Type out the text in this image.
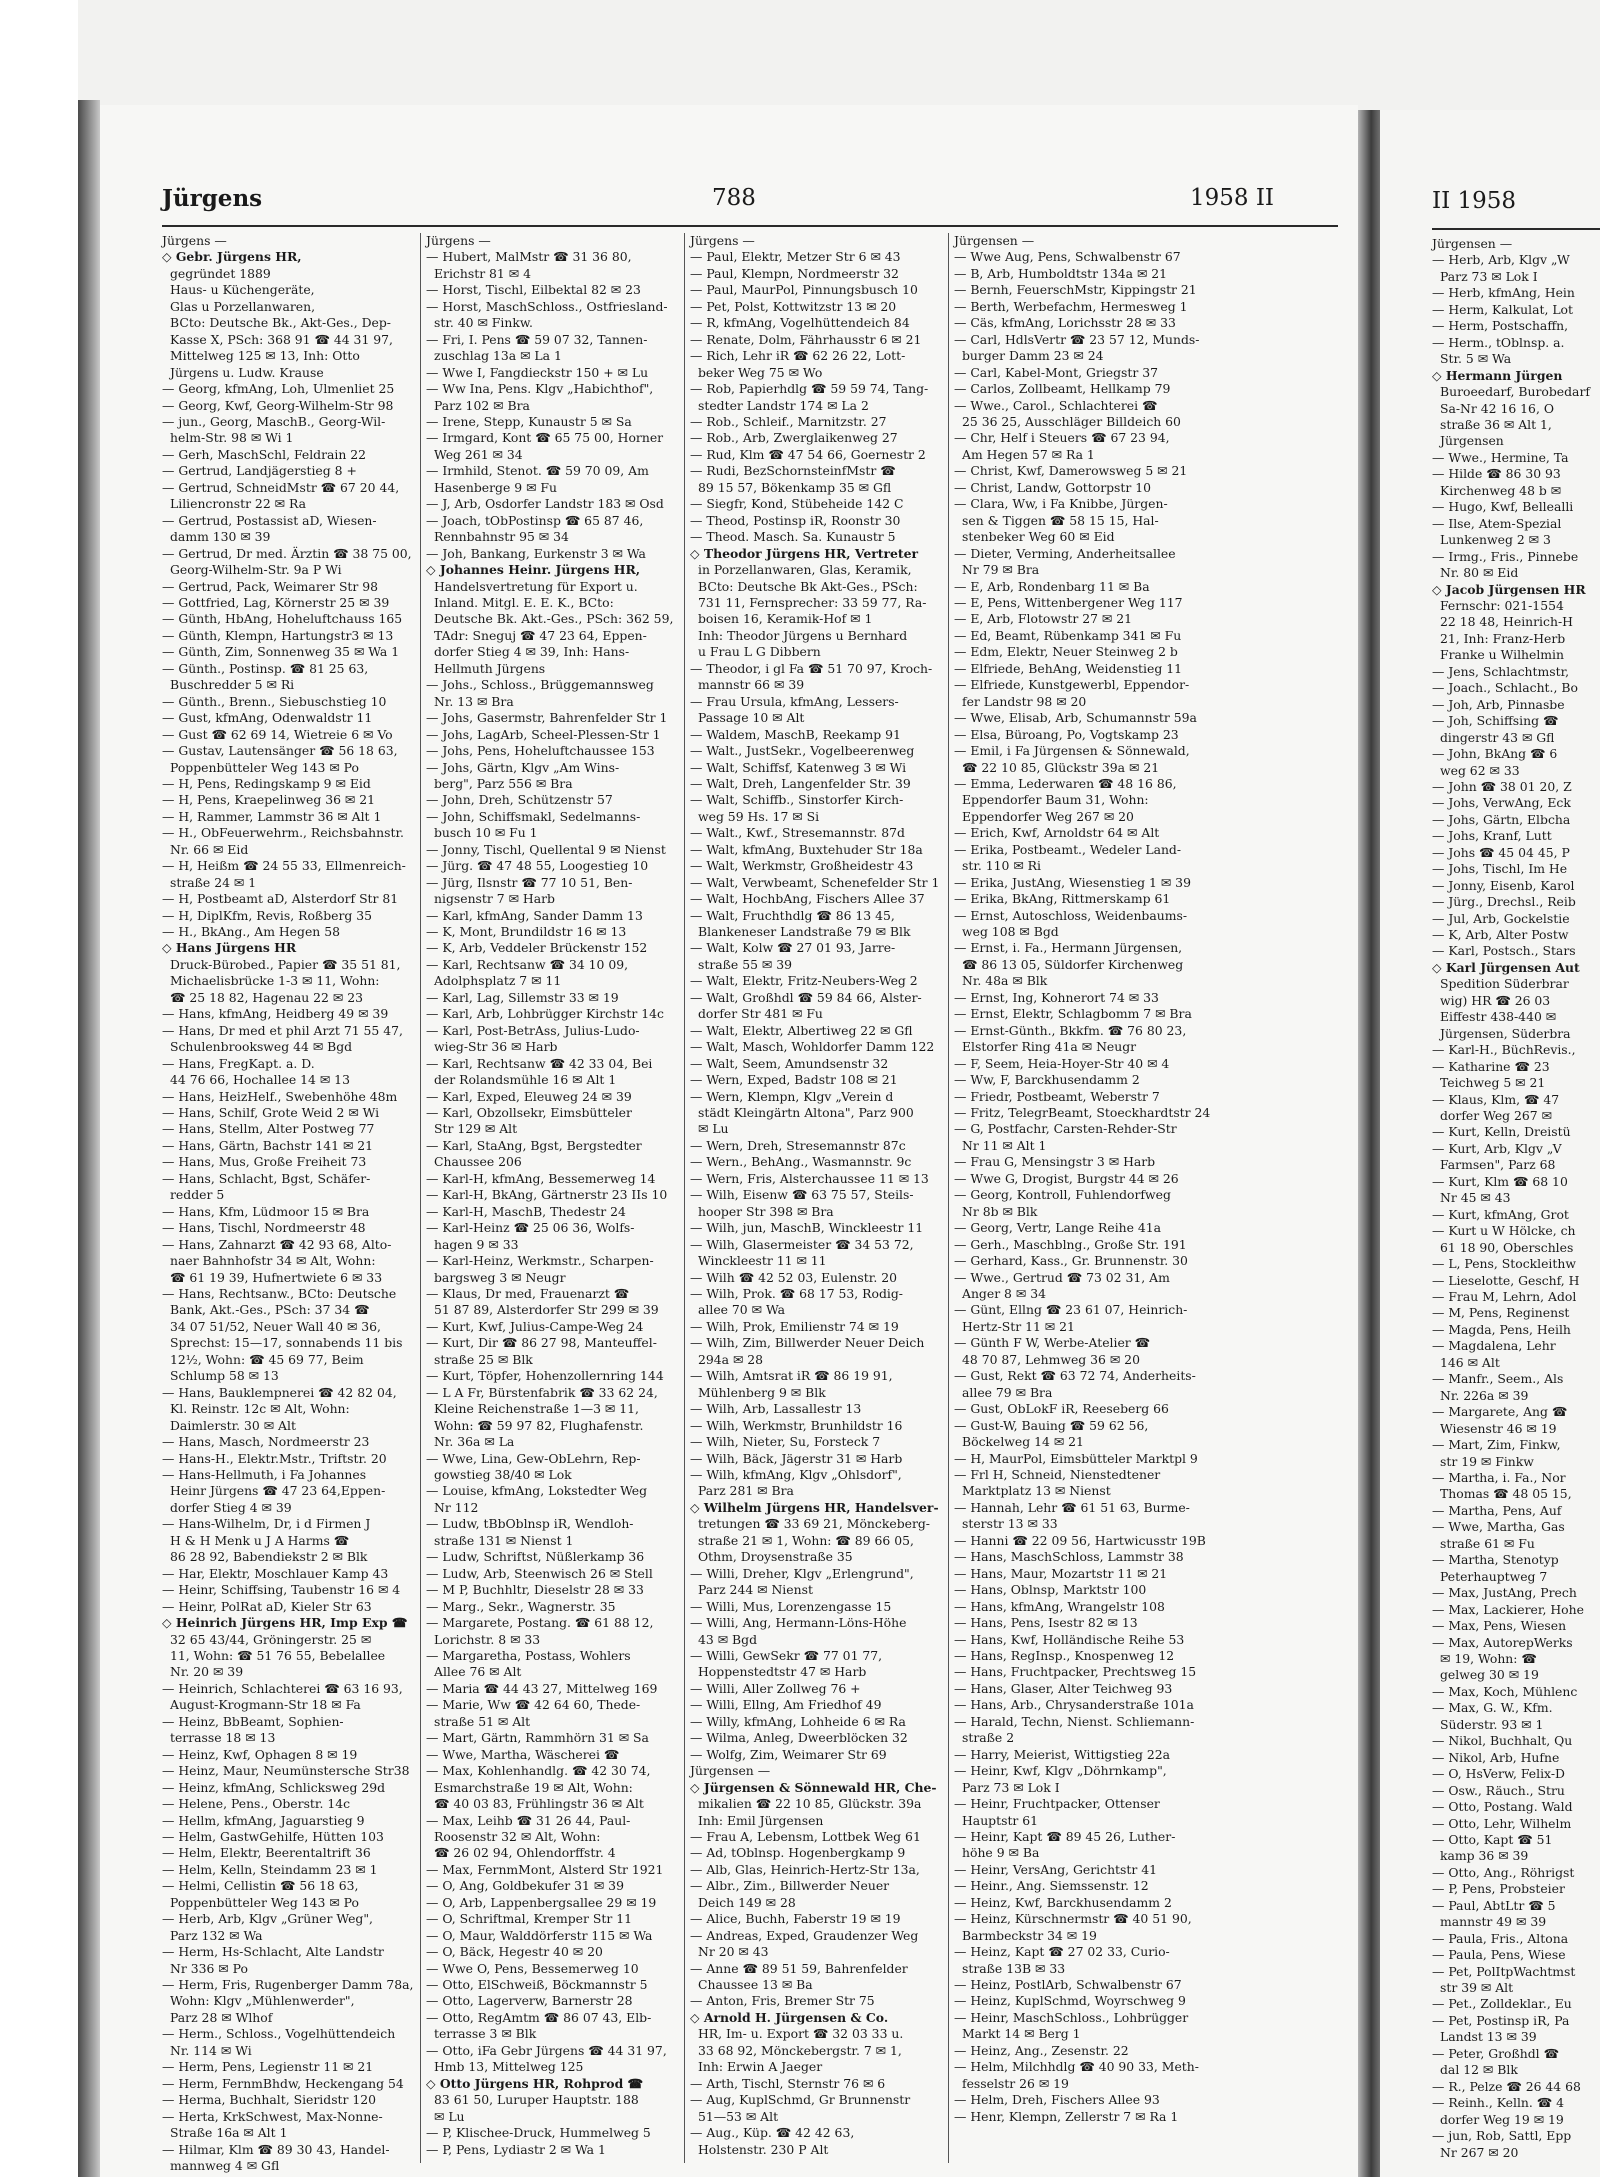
Jürgens	788	1958 II
Jürgens —
◇ Gebr. Jürgens HR,
gegründet 1889
Haus- u Küchengeräte,
Glas u Porzellanwaren,
BCto: Deutsche Bk., Akt-Ges., Dep-
Kasse X, PSch: 368 91 ☎ 44 31 97,
Mittelweg 125 ✉ 13, Inh: Otto
Jürgens u. Ludw. Krause
— Georg, kfmAng, Loh, Ulmenliet 25
— Georg, Kwf, Georg-Wilhelm-Str 98
— jun., Georg, MaschB., Georg-Wil-
helm-Str. 98 ✉ Wi 1
— Gerh, MaschSchl, Feldrain 22
— Gertrud, Landjägerstieg 8 +
— Gertrud, SchneidMstr ☎ 67 20 44,
Liliencronstr 22 ✉ Ra
— Gertrud, Postassist aD, Wiesen-
damm 130 ✉ 39
— Gertrud, Dr med. Ärztin ☎ 38 75 00,
Georg-Wilhelm-Str. 9a P Wi
— Gertrud, Pack, Weimarer Str 98
— Gottfried, Lag, Körnerstr 25 ✉ 39
— Günth, HbAng, Hoheluftchauss 165
— Günth, Klempn, Hartungstr3 ✉ 13
— Günth, Zim, Sonnenweg 35 ✉ Wa 1
— Günth., Postinsp. ☎ 81 25 63,
Buschredder 5 ✉ Ri
— Günth., Brenn., Siebuschstieg 10
— Gust, kfmAng, Odenwaldstr 11
— Gust ☎ 62 69 14, Wietreie 6 ✉ Vo
— Gustav, Lautensänger ☎ 56 18 63,
Poppenbütteler Weg 143 ✉ Po
— H, Pens, Redingskamp 9 ✉ Eid
— H, Pens, Kraepelinweg 36 ✉ 21
— H, Rammer, Lammstr 36 ✉ Alt 1
— H., ObFeuerwehrm., Reichsbahnstr.
Nr. 66 ✉ Eid
— H, Heißm ☎ 24 55 33, Ellmenreich-
straße 24 ✉ 1
— H, Postbeamt aD, Alsterdorf Str 81
— H, DiplKfm, Revis, Roßberg 35
— H., BkAng., Am Hegen 58
◇ Hans Jürgens HR
Druck-Bürobed., Papier ☎ 35 51 81,
Michaelisbrücke 1-3 ✉ 11, Wohn:
☎ 25 18 82, Hagenau 22 ✉ 23
— Hans, kfmAng, Heidberg 49 ✉ 39
— Hans, Dr med et phil Arzt 71 55 47,
Schulenbrooksweg 44 ✉ Bgd
— Hans, FregKapt. a. D.
44 76 66, Hochallee 14 ✉ 13
— Hans, HeizHelf., Swebenhöhe 48m
— Hans, Schilf, Grote Weid 2 ✉ Wi
— Hans, Stellm, Alter Postweg 77
— Hans, Gärtn, Bachstr 141 ✉ 21
— Hans, Mus, Große Freiheit 73
— Hans, Schlacht, Bgst, Schäfer-
redder 5
— Hans, Kfm, Lüdmoor 15 ✉ Bra
— Hans, Tischl, Nordmeerstr 48
— Hans, Zahnarzt ☎ 42 93 68, Alto-
naer Bahnhofstr 34 ✉ Alt, Wohn:
☎ 61 19 39, Hufnertwiete 6 ✉ 33
— Hans, Rechtsanw., BCto: Deutsche
Bank, Akt.-Ges., PSch: 37 34 ☎
34 07 51/52, Neuer Wall 40 ✉ 36,
Sprechst: 15—17, sonnabends 11 bis
12½, Wohn: ☎ 45 69 77, Beim
Schlump 58 ✉ 13
— Hans, Bauklempnerei ☎ 42 82 04,
Kl. Reinstr. 12c ✉ Alt, Wohn:
Daimlerstr. 30 ✉ Alt
— Hans, Masch, Nordmeerstr 23
— Hans-H., Elektr.Mstr., Triftstr. 20
— Hans-Hellmuth, i Fa Johannes
Heinr Jürgens ☎ 47 23 64,Eppen-
dorfer Stieg 4 ✉ 39
— Hans-Wilhelm, Dr, i d Firmen J
H & H Menk u J A Harms ☎
86 28 92, Babendiekstr 2 ✉ Blk
— Har, Elektr, Moschlauer Kamp 43
— Heinr, Schiffsing, Taubenstr 16 ✉ 4
— Heinr, PolRat aD, Kieler Str 63
◇ Heinrich Jürgens HR, Imp Exp ☎
32 65 43/44, Gröningerstr. 25 ✉
11, Wohn: ☎ 51 76 55, Bebelallee
Nr. 20 ✉ 39
— Heinrich, Schlachterei ☎ 63 16 93,
August-Krogmann-Str 18 ✉ Fa
— Heinz, BbBeamt, Sophien-
terrasse 18 ✉ 13
— Heinz, Kwf, Ophagen 8 ✉ 19
— Heinz, Maur, Neumünstersche Str38
— Heinz, kfmAng, Schlicksweg 29d
— Helene, Pens., Oberstr. 14c
— Hellm, kfmAng, Jaguarstieg 9
— Helm, GastwGehilfe, Hütten 103
— Helm, Elektr, Beerentaltrift 36
— Helm, Kelln, Steindamm 23 ✉ 1
— Helmi, Cellistin ☎ 56 18 63,
Poppenbütteler Weg 143 ✉ Po
— Herb, Arb, Klgv „Grüner Weg",
Parz 132 ✉ Wa
— Herm, Hs-Schlacht, Alte Landstr
Nr 336 ✉ Po
— Herm, Fris, Rugenberger Damm 78a,
Wohn: Klgv „Mühlenwerder",
Parz 28 ✉ Wlhof
— Herm., Schloss., Vogelhüttendeich
Nr. 114 ✉ Wi
— Herm, Pens, Legienstr 11 ✉ 21
— Herm, FernmBhdw, Heckengang 54
— Herma, Buchhalt, Sieridstr 120
— Herta, KrkSchwest, Max-Nonne-
Straße 16a ✉ Alt 1
— Hilmar, Klm ☎ 89 30 43, Handel-
mannweg 4 ✉ Gfl
Jürgens —
— Hubert, MalMstr ☎ 31 36 80,
Erichstr 81 ✉ 4
— Horst, Tischl, Eilbektal 82 ✉ 23
— Horst, MaschSchloss., Ostfriesland-
str. 40 ✉ Finkw.
— Fri, I. Pens ☎ 59 07 32, Tannen-
zuschlag 13a ✉ La 1
— Wwe I, Fangdieckstr 150 + ✉ Lu
— Ww Ina, Pens. Klgv „Habichthof",
Parz 102 ✉ Bra
— Irene, Stepp, Kunaustr 5 ✉ Sa
— Irmgard, Kont ☎ 65 75 00, Horner
Weg 261 ✉ 34
— Irmhild, Stenot. ☎ 59 70 09, Am
Hasenberge 9 ✉ Fu
— J, Arb, Osdorfer Landstr 183 ✉ Osd
— Joach, tObPostinsp ☎ 65 87 46,
Rennbahnstr 95 ✉ 34
— Joh, Bankang, Eurkenstr 3 ✉ Wa
◇ Johannes Heinr. Jürgens HR,
Handelsvertretung für Export u.
Inland. Mitgl. E. E. K., BCto:
Deutsche Bk. Akt.-Ges., PSch: 362 59,
TAdr: Sneguj ☎ 47 23 64, Eppen-
dorfer Stieg 4 ✉ 39, Inh: Hans-
Hellmuth Jürgens
— Johs., Schloss., Brüggemannsweg
Nr. 13 ✉ Bra
— Johs, Gasermstr, Bahrenfelder Str 1
— Johs, LagArb, Scheel-Plessen-Str 1
— Johs, Pens, Hoheluftchaussee 153
— Johs, Gärtn, Klgv „Am Wins-
berg", Parz 556 ✉ Bra
— John, Dreh, Schützenstr 57
— John, Schiffsmakl, Sedelmanns-
busch 10 ✉ Fu 1
— Jonny, Tischl, Quellental 9 ✉ Nienst
— Jürg. ☎ 47 48 55, Loogestieg 10
— Jürg, Ilsnstr ☎ 77 10 51, Ben-
nigsenstr 7 ✉ Harb
— Karl, kfmAng, Sander Damm 13
— K, Mont, Brundildstr 16 ✉ 13
— K, Arb, Veddeler Brückenstr 152
— Karl, Rechtsanw ☎ 34 10 09,
Adolphsplatz 7 ✉ 11
— Karl, Lag, Sillemstr 33 ✉ 19
— Karl, Arb, Lohbrügger Kirchstr 14c
— Karl, Post-BetrAss, Julius-Ludo-
wieg-Str 36 ✉ Harb
— Karl, Rechtsanw ☎ 42 33 04, Bei
der Rolandsmühle 16 ✉ Alt 1
— Karl, Exped, Eleuweg 24 ✉ 39
— Karl, Obzollsekr, Eimsbütteler
Str 129 ✉ Alt
— Karl, StaAng, Bgst, Bergstedter
Chaussee 206
— Karl-H, kfmAng, Bessemerweg 14
— Karl-H, BkAng, Gärtnerstr 23 IIs 10
— Karl-H, MaschB, Thedestr 24
— Karl-Heinz ☎ 25 06 36, Wolfs-
hagen 9 ✉ 33
— Karl-Heinz, Werkmstr., Scharpen-
bargsweg 3 ✉ Neugr
— Klaus, Dr med, Frauenarzt ☎
51 87 89, Alsterdorfer Str 299 ✉ 39
— Kurt, Kwf, Julius-Campe-Weg 24
— Kurt, Dir ☎ 86 27 98, Manteuffel-
straße 25 ✉ Blk
— Kurt, Töpfer, Hohenzollernring 144
— L A Fr, Bürstenfabrik ☎ 33 62 24,
Kleine Reichenstraße 1—3 ✉ 11,
Wohn: ☎ 59 97 82, Flughafenstr.
Nr. 36a ✉ La
— Wwe, Lina, Gew-ObLehrn, Rep-
gowstieg 38/40 ✉ Lok
— Louise, kfmAng, Lokstedter Weg
Nr 112
— Ludw, tBbOblnsp iR, Wendloh-
straße 131 ✉ Nienst 1
— Ludw, Schriftst, Nüßlerkamp 36
— Ludw, Arb, Steenwisch 26 ✉ Stell
— M P, Buchhltr, Dieselstr 28 ✉ 33
— Marg., Sekr., Wagnerstr. 35
— Margarete, Postang. ☎ 61 88 12,
Lorichstr. 8 ✉ 33
— Margaretha, Postass, Wohlers
Allee 76 ✉ Alt
— Maria ☎ 44 43 27, Mittelweg 169
— Marie, Ww ☎ 42 64 60, Thede-
straße 51 ✉ Alt
— Mart, Gärtn, Rammhörn 31 ✉ Sa
— Wwe, Martha, Wäscherei ☎
— Max, Kohlenhandlg. ☎ 42 30 74,
Esmarchstraße 19 ✉ Alt, Wohn:
☎ 40 03 83, Frühlingstr 36 ✉ Alt
— Max, Leihb ☎ 31 26 44, Paul-
Roosenstr 32 ✉ Alt, Wohn:
☎ 26 02 94, Ohlendorffstr. 4
— Max, FernmMont, Alsterd Str 1921
— O, Ang, Goldbekufer 31 ✉ 39
— O, Arb, Lappenbergsallee 29 ✉ 19
— O, Schriftmal, Kremper Str 11
— O, Maur, Walddörferstr 115 ✉ Wa
— O, Bäck, Hegestr 40 ✉ 20
— Wwe O, Pens, Bessemerweg 10
— Otto, ElSchweiß, Böckmannstr 5
— Otto, Lagerverw, Barnerstr 28
— Otto, RegAmtm ☎ 86 07 43, Elb-
terrasse 3 ✉ Blk
— Otto, iFa Gebr Jürgens ☎ 44 31 97,
Hmb 13, Mittelweg 125
◇ Otto Jürgens HR, Rohprod ☎
83 61 50, Luruper Hauptstr. 188
✉ Lu
— P, Klischee-Druck, Hummelweg 5
— P, Pens, Lydiastr 2 ✉ Wa 1
Jürgens —
— Paul, Elektr, Metzer Str 6 ✉ 43
— Paul, Klempn, Nordmeerstr 32
— Paul, MaurPol, Pinnungsbusch 10
— Pet, Polst, Kottwitzstr 13 ✉ 20
— R, kfmAng, Vogelhüttendeich 84
— Renate, Dolm, Fährhausstr 6 ✉ 21
— Rich, Lehr iR ☎ 62 26 22, Lott-
beker Weg 75 ✉ Wo
— Rob, Papierhdlg ☎ 59 59 74, Tang-
stedter Landstr 174 ✉ La 2
— Rob., Schleif., Marnitzstr. 27
— Rob., Arb, Zwerglaikenweg 27
— Rud, Klm ☎ 47 54 66, Goernestr 2
— Rudi, BezSchornsteinfMstr ☎
89 15 57, Bökenkamp 35 ✉ Gfl
— Siegfr, Kond, Stübeheide 142 C
— Theod, Postinsp iR, Roonstr 30
— Theod. Masch. Sa. Kunaustr 5
◇ Theodor Jürgens HR, Vertreter
in Porzellanwaren, Glas, Keramik,
BCto: Deutsche Bk Akt-Ges., PSch:
731 11, Fernsprecher: 33 59 77, Ra-
boisen 16, Keramik-Hof ✉ 1
Inh: Theodor Jürgens u Bernhard
u Frau L G Dibbern
— Theodor, i gl Fa ☎ 51 70 97, Kroch-
mannstr 66 ✉ 39
— Frau Ursula, kfmAng, Lessers-
Passage 10 ✉ Alt
— Waldem, MaschB, Reekamp 91
— Walt., JustSekr., Vogelbeerenweg
— Walt, Schiffsf, Katenweg 3 ✉ Wi
— Walt, Dreh, Langenfelder Str. 39
— Walt, Schiffb., Sinstorfer Kirch-
weg 59 Hs. 17 ✉ Si
— Walt., Kwf., Stresemannstr. 87d
— Walt, kfmAng, Buxtehuder Str 18a
— Walt, Werkmstr, Großheidestr 43
— Walt, Verwbeamt, Schenefelder Str 1
— Walt, HochbAng, Fischers Allee 37
— Walt, Fruchthdlg ☎ 86 13 45,
Blankeneser Landstraße 79 ✉ Blk
— Walt, Kolw ☎ 27 01 93, Jarre-
straße 55 ✉ 39
— Walt, Elektr, Fritz-Neubers-Weg 2
— Walt, Großhdl ☎ 59 84 66, Alster-
dorfer Str 481 ✉ Fu
— Walt, Elektr, Albertiweg 22 ✉ Gfl
— Walt, Masch, Wohldorfer Damm 122
— Walt, Seem, Amundsenstr 32
— Wern, Exped, Badstr 108 ✉ 21
— Wern, Klempn, Klgv „Verein d
städt Kleingärtn Altona", Parz 900
✉ Lu
— Wern, Dreh, Stresemannstr 87c
— Wern., BehAng., Wasmannstr. 9c
— Wern, Fris, Alsterchaussee 11 ✉ 13
— Wilh, Eisenw ☎ 63 75 57, Steils-
hooper Str 398 ✉ Bra
— Wilh, jun, MaschB, Winckleestr 11
— Wilh, Glasermeister ☎ 34 53 72,
Winckleestr 11 ✉ 11
— Wilh ☎ 42 52 03, Eulenstr. 20
— Wilh, Prok. ☎ 68 17 53, Rodig-
allee 70 ✉ Wa
— Wilh, Prok, Emilienstr 74 ✉ 19
— Wilh, Zim, Billwerder Neuer Deich
294a ✉ 28
— Wilh, Amtsrat iR ☎ 86 19 91,
Mühlenberg 9 ✉ Blk
— Wilh, Arb, Lassallestr 13
— Wilh, Werkmstr, Brunhildstr 16
— Wilh, Nieter, Su, Forsteck 7
— Wilh, Bäck, Jägerstr 31 ✉ Harb
— Wilh, kfmAng, Klgv „Ohlsdorf",
Parz 281 ✉ Bra
◇ Wilhelm Jürgens HR, Handelsver-
tretungen ☎ 33 69 21, Mönckeberg-
straße 21 ✉ 1, Wohn: ☎ 89 66 05,
Othm, Droysenstraße 35
— Willi, Dreher, Klgv „Erlengrund",
Parz 244 ✉ Nienst
— Willi, Mus, Lorenzengasse 15
— Willi, Ang, Hermann-Löns-Höhe
43 ✉ Bgd
— Willi, GewSekr ☎ 77 01 77,
Hoppenstedtstr 47 ✉ Harb
— Willi, Aller Zollweg 76 +
— Willi, Ellng, Am Friedhof 49
— Willy, kfmAng, Lohheide 6 ✉ Ra
— Wilma, Anleg, Dweerblöcken 32
— Wolfg, Zim, Weimarer Str 69
Jürgensen —
◇ Jürgensen & Sönnewald HR, Che-
mikalien ☎ 22 10 85, Glückstr. 39a
Inh: Emil Jürgensen
— Frau A, Lebensm, Lottbek Weg 61
— Ad, tOblnsp. Hogenbergkamp 9
— Alb, Glas, Heinrich-Hertz-Str 13a,
— Albr., Zim., Billwerder Neuer
Deich 149 ✉ 28
— Alice, Buchh, Faberstr 19 ✉ 19
— Andreas, Exped, Graudenzer Weg
Nr 20 ✉ 43
— Anne ☎ 89 51 59, Bahrenfelder
Chaussee 13 ✉ Ba
— Anton, Fris, Bremer Str 75
◇ Arnold H. Jürgensen & Co.
HR, Im- u. Export ☎ 32 03 33 u.
33 68 92, Mönckebergstr. 7 ✉ 1,
Inh: Erwin A Jaeger
— Arth, Tischl, Sternstr 76 ✉ 6
— Aug, KuplSchmd, Gr Brunnenstr
51—53 ✉ Alt
— Aug., Küp. ☎ 42 42 63,
Holstenstr. 230 P Alt
Jürgensen —
— Wwe Aug, Pens, Schwalbenstr 67
— B, Arb, Humboldtstr 134a ✉ 21
— Bernh, FeuerschMstr, Kippingstr 21
— Berth, Werbefachm, Hermesweg 1
— Cäs, kfmAng, Lorichsstr 28 ✉ 33
— Carl, HdlsVertr ☎ 23 57 12, Munds-
burger Damm 23 ✉ 24
— Carl, Kabel-Mont, Griegstr 37
— Carlos, Zollbeamt, Hellkamp 79
— Wwe., Carol., Schlachterei ☎
25 36 25, Ausschläger Billdeich 60
— Chr, Helf i Steuers ☎ 67 23 94,
Am Hegen 57 ✉ Ra 1
— Christ, Kwf, Damerowsweg 5 ✉ 21
— Christ, Landw, Gottorpstr 10
— Clara, Ww, i Fa Knibbe, Jürgen-
sen & Tiggen ☎ 58 15 15, Hal-
stenbeker Weg 60 ✉ Eid
— Dieter, Verming, Anderheitsallee
Nr 79 ✉ Bra
— E, Arb, Rondenbarg 11 ✉ Ba
— E, Pens, Wittenbergener Weg 117
— E, Arb, Flotowstr 27 ✉ 21
— Ed, Beamt, Rübenkamp 341 ✉ Fu
— Edm, Elektr, Neuer Steinweg 2 b
— Elfriede, BehAng, Weidenstieg 11
— Elfriede, Kunstgewerbl, Eppendor-
fer Landstr 98 ✉ 20
— Wwe, Elisab, Arb, Schumannstr 59a
— Elsa, Büroang, Po, Vogtskamp 23
— Emil, i Fa Jürgensen & Sönnewald,
☎ 22 10 85, Glückstr 39a ✉ 21
— Emma, Lederwaren ☎ 48 16 86,
Eppendorfer Baum 31, Wohn:
Eppendorfer Weg 267 ✉ 20
— Erich, Kwf, Arnoldstr 64 ✉ Alt
— Erika, Postbeamt., Wedeler Land-
str. 110 ✉ Ri
— Erika, JustAng, Wiesenstieg 1 ✉ 39
— Erika, BkAng, Rittmerskamp 61
— Ernst, Autoschloss, Weidenbaums-
weg 108 ✉ Bgd
— Ernst, i. Fa., Hermann Jürgensen,
☎ 86 13 05, Süldorfer Kirchenweg
Nr. 48a ✉ Blk
— Ernst, Ing, Kohnerort 74 ✉ 33
— Ernst, Elektr, Schlagbomm 7 ✉ Bra
— Ernst-Günth., Bkkfm. ☎ 76 80 23,
Elstorfer Ring 41a ✉ Neugr
— F, Seem, Heia-Hoyer-Str 40 ✉ 4
— Ww, F, Barckhusendamm 2
— Friedr, Postbeamt, Weberstr 7
— Fritz, TelegrBeamt, Stoeckhardtstr 24
— G, Postfachr, Carsten-Rehder-Str
Nr 11 ✉ Alt 1
— Frau G, Mensingstr 3 ✉ Harb
— Wwe G, Drogist, Burgstr 44 ✉ 26
— Georg, Kontroll, Fuhlendorfweg
Nr 8b ✉ Blk
— Georg, Vertr, Lange Reihe 41a
— Gerh., Maschblng., Große Str. 191
— Gerhard, Kass., Gr. Brunnenstr. 30
— Wwe., Gertrud ☎ 73 02 31, Am
Anger 8 ✉ 34
— Günt, Ellng ☎ 23 61 07, Heinrich-
Hertz-Str 11 ✉ 21
— Günth F W, Werbe-Atelier ☎
48 70 87, Lehmweg 36 ✉ 20
— Gust, Rekt ☎ 63 72 74, Anderheits-
allee 79 ✉ Bra
— Gust, ObLokF iR, Reeseberg 66
— Gust-W, Bauing ☎ 59 62 56,
Böckelweg 14 ✉ 21
— H, MaurPol, Eimsbütteler Marktpl 9
— Frl H, Schneid, Nienstedtener
Marktplatz 13 ✉ Nienst
— Hannah, Lehr ☎ 61 51 63, Burme-
sterstr 13 ✉ 33
— Hanni ☎ 22 09 56, Hartwicusstr 19B
— Hans, MaschSchloss, Lammstr 38
— Hans, Maur, Mozartstr 11 ✉ 21
— Hans, Oblnsp, Marktstr 100
— Hans, kfmAng, Wrangelstr 108
— Hans, Pens, Isestr 82 ✉ 13
— Hans, Kwf, Holländische Reihe 53
— Hans, RegInsp., Knospenweg 12
— Hans, Fruchtpacker, Prechtsweg 15
— Hans, Glaser, Alter Teichweg 93
— Hans, Arb., Chrysanderstraße 101a
— Harald, Techn, Nienst. Schliemann-
straße 2
— Harry, Meierist, Wittigstieg 22a
— Heinr, Kwf, Klgv „Döhrnkamp",
Parz 73 ✉ Lok I
— Heinr, Fruchtpacker, Ottenser
Hauptstr 61
— Heinr, Kapt ☎ 89 45 26, Luther-
höhe 9 ✉ Ba
— Heinr, VersAng, Gerichtstr 41
— Heinr., Ang. Siemssenstr. 12
— Heinz, Kwf, Barckhusendamm 2
— Heinz, Kürschnermstr ☎ 40 51 90,
Barmbeckstr 34 ✉ 19
— Heinz, Kapt ☎ 27 02 33, Curio-
straße 13B ✉ 33
— Heinz, PostlArb, Schwalbenstr 67
— Heinz, KuplSchmd, Woyrschweg 9
— Heinr, MaschSchloss., Lohbrügger
Markt 14 ✉ Berg 1
— Heinz, Ang., Zesenstr. 22
— Helm, Milchhdlg ☎ 40 90 33, Meth-
fesselstr 26 ✉ 19
— Helm, Dreh, Fischers Allee 93
— Henr, Klempn, Zellerstr 7 ✉ Ra 1
II 1958
Jürgensen —
— Herb, Arb, Klgv „W
Parz 73 ✉ Lok I
— Herb, kfmAng, Hein
— Herm, Kalkulat, Lot
— Herm, Postschaffn,
— Herm., tOblnsp. a.
Str. 5 ✉ Wa
◇ Hermann Jürgen
Buroeedarf, Burobedarf
Sa-Nr 42 16 16, O
straße 36 ✉ Alt 1,
Jürgensen
— Wwe., Hermine, Ta
— Hilde ☎ 86 30 93
Kirchenweg 48 b ✉
— Hugo, Kwf, Bellealli
— Ilse, Atem-Spezial
Lunkenweg 2 ✉ 3
— Irmg., Fris., Pinnebe
Nr. 80 ✉ Eid
◇ Jacob Jürgensen HR
Fernschr: 021-1554
22 18 48, Heinrich-H
21, Inh: Franz-Herb
Franke u Wilhelmin
— Jens, Schlachtmstr,
— Joach., Schlacht., Bo
— Joh, Arb, Pinnasbe
— Joh, Schiffsing ☎
dingerstr 43 ✉ Gfl
— John, BkAng ☎ 6
weg 62 ✉ 33
— John ☎ 38 01 20, Z
— Johs, VerwAng, Eck
— Johs, Gärtn, Elbcha
— Johs, Kranf, Lutt
— Johs ☎ 45 04 45, P
— Johs, Tischl, Im He
— Jonny, Eisenb, Karol
— Jürg., Drechsl., Reib
— Jul, Arb, Gockelstie
— K, Arb, Alter Postw
— Karl, Postsch., Stars
◇ Karl Jürgensen Aut
Spedition Süderbrar
wig) HR ☎ 26 03
Eiffestr 438-440 ✉
Jürgensen, Süderbra
— Karl-H., BüchRevis.,
— Katharine ☎ 23
Teichweg 5 ✉ 21
— Klaus, Klm, ☎ 47
dorfer Weg 267 ✉
— Kurt, Kelln, Dreistü
— Kurt, Arb, Klgv „V
Farmsen", Parz 68
— Kurt, Klm ☎ 68 10
Nr 45 ✉ 43
— Kurt, kfmAng, Grot
— Kurt u W Hölcke, ch
61 18 90, Oberschles
— L, Pens, Stockleithw
— Lieselotte, Geschf, H
— Frau M, Lehrn, Adol
— M, Pens, Reginenst
— Magda, Pens, Heilh
— Magdalena, Lehr
146 ✉ Alt
— Manfr., Seem., Als
Nr. 226a ✉ 39
— Margarete, Ang ☎
Wiesenstr 46 ✉ 19
— Mart, Zim, Finkw,
str 19 ✉ Finkw
— Martha, i. Fa., Nor
Thomas ☎ 48 05 15,
— Martha, Pens, Auf
— Wwe, Martha, Gas
straße 61 ✉ Fu
— Martha, Stenotyp
Peterhauptweg 7
— Max, JustAng, Prech
— Max, Lackierer, Hohe
— Max, Pens, Wiesen
— Max, AutorepWerks
✉ 19, Wohn: ☎
gelweg 30 ✉ 19
— Max, Koch, Mühlenc
— Max, G. W., Kfm.
Süderstr. 93 ✉ 1
— Nikol, Buchhalt, Qu
— Nikol, Arb, Hufne
— O, HsVerw, Felix-D
— Osw., Räuch., Stru
— Otto, Postang. Wald
— Otto, Lehr, Wilhelm
— Otto, Kapt ☎ 51
kamp 36 ✉ 39
— Otto, Ang., Röhrigst
— P, Pens, Probsteier
— Paul, AbtLtr ☎ 5
mannstr 49 ✉ 39
— Paula, Fris., Altona
— Paula, Pens, Wiese
— Pet, PolItpWachtmst
str 39 ✉ Alt
— Pet., Zolldeklar., Eu
— Pet, Postinsp iR, Pa
Landst 13 ✉ 39
— Peter, Großhdl ☎
dal 12 ✉ Blk
— R., Pelze ☎ 26 44 68
— Reinh., Kelln. ☎ 4
dorfer Weg 19 ✉ 19
— jun, Rob, Sattl, Epp
Nr 267 ✉ 20
